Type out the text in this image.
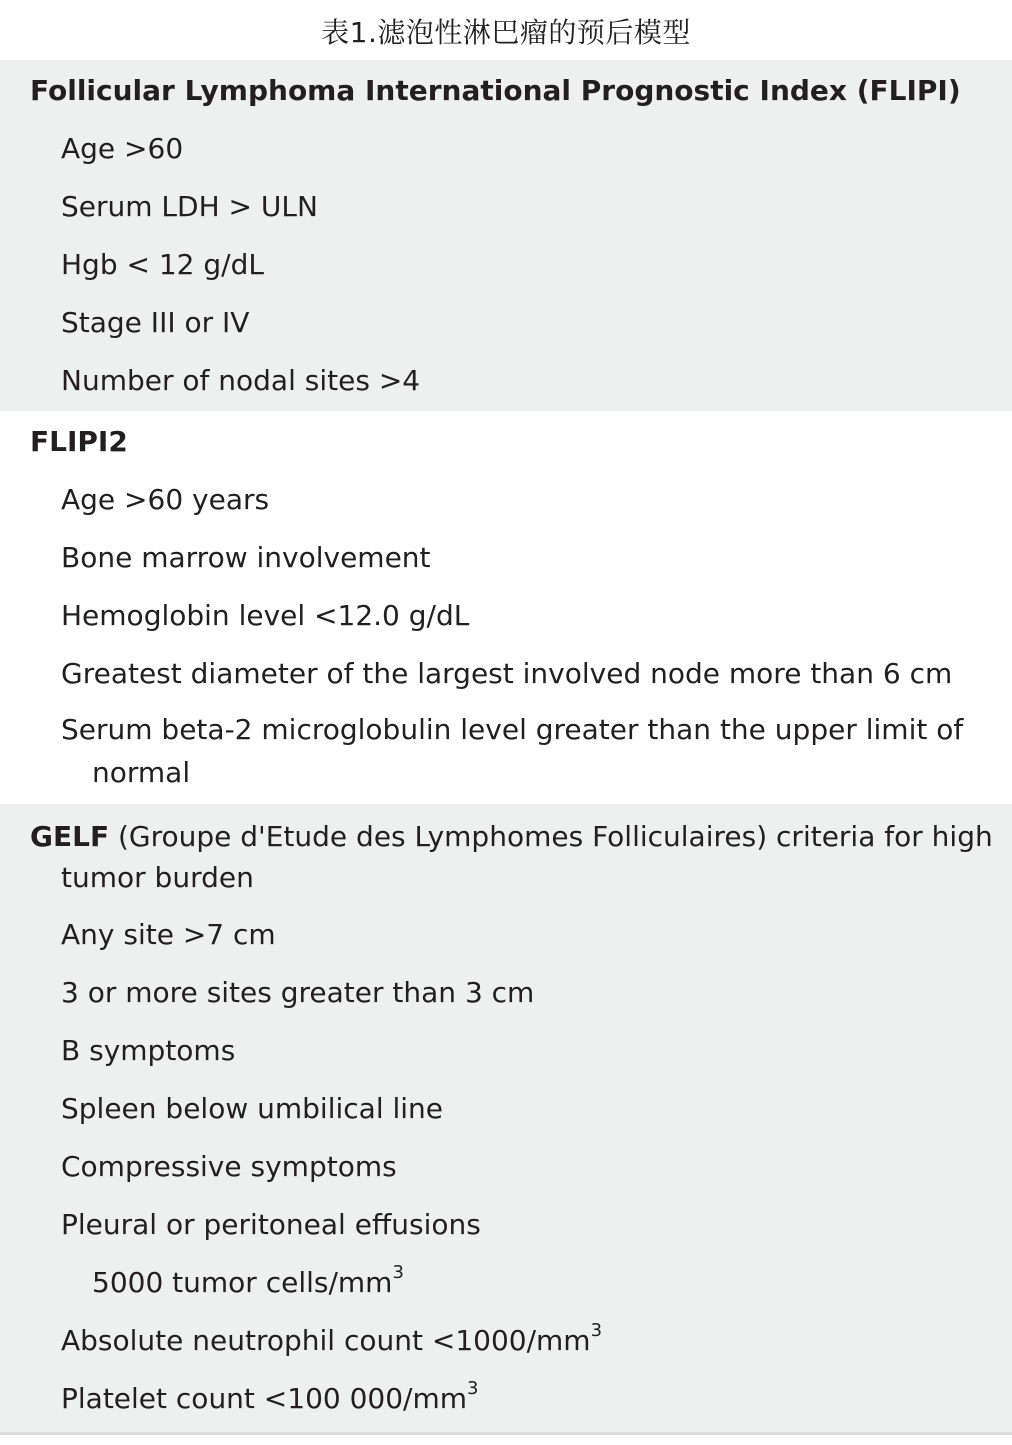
表1.滤泡性淋巴瘤的预后模型
Follicular Lymphoma International Prognostic Index (FLIPI)
Age >60
Serum LDH > ULN
Hgb < 12 g/dL
Stage III or IV
Number of nodal sites >4
FLIPI2
Age >60 years
Bone marrow involvement
Hemoglobin level <12.0 g/dL
Greatest diameter of the largest involved node more than 6 cm
Serum beta-2 microglobulin level greater than the upper limit of
normal
GELF (Groupe d'Etude des Lymphomes Folliculaires) criteria for high
tumor burden
Any site >7 cm
3 or more sites greater than 3 cm
B symptoms
Spleen below umbilical line
Compressive symptoms
Pleural or peritoneal effusions
5000 tumor cells/$mm^3$
Absolute neutrophil count $<1000/mm^3$
Platelet count <100 $000/mm^3$
